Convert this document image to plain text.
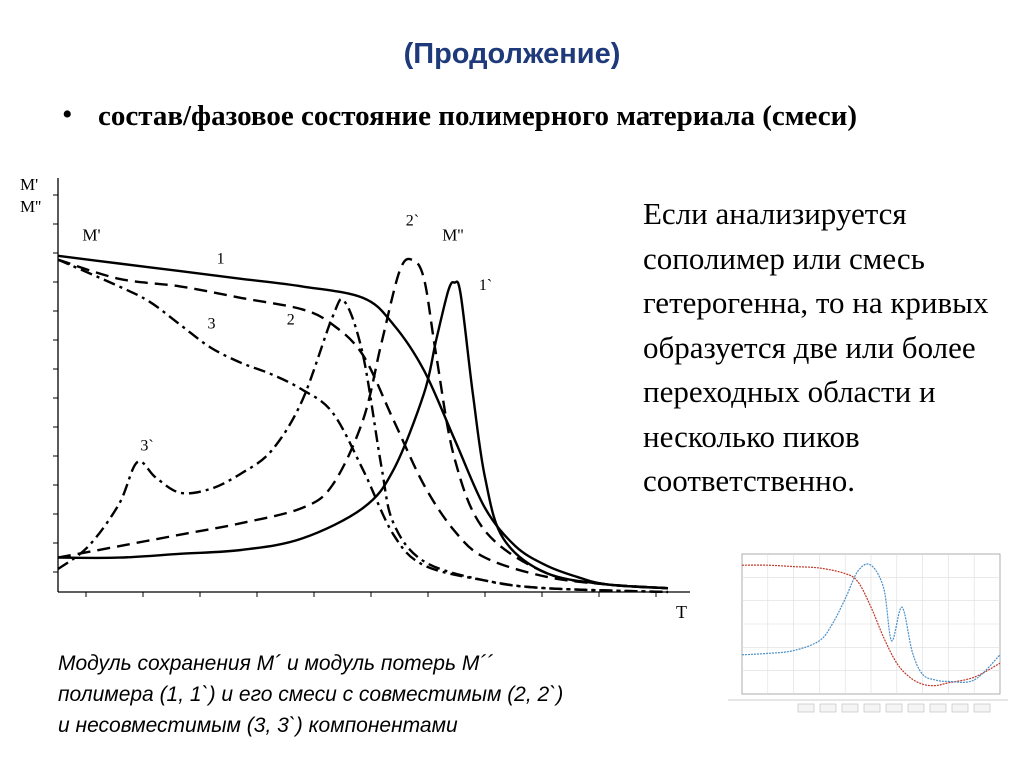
(Продолжение)
• состав/фазовое состояние полимерного материала (смеси)
Если анализируется сополимер или смесь гетерогенна, то на кривых образуется две или более переходных области и несколько пиков соответственно.
M'
M''
T
M'	M''
1
1`
2
2`
3
3`
Модуль сохранения M´ и модуль потерь M´´
полимера (1, 1`) и его смеси с совместимым (2, 2`)
и несовместимым (3, 3`) компонентами
